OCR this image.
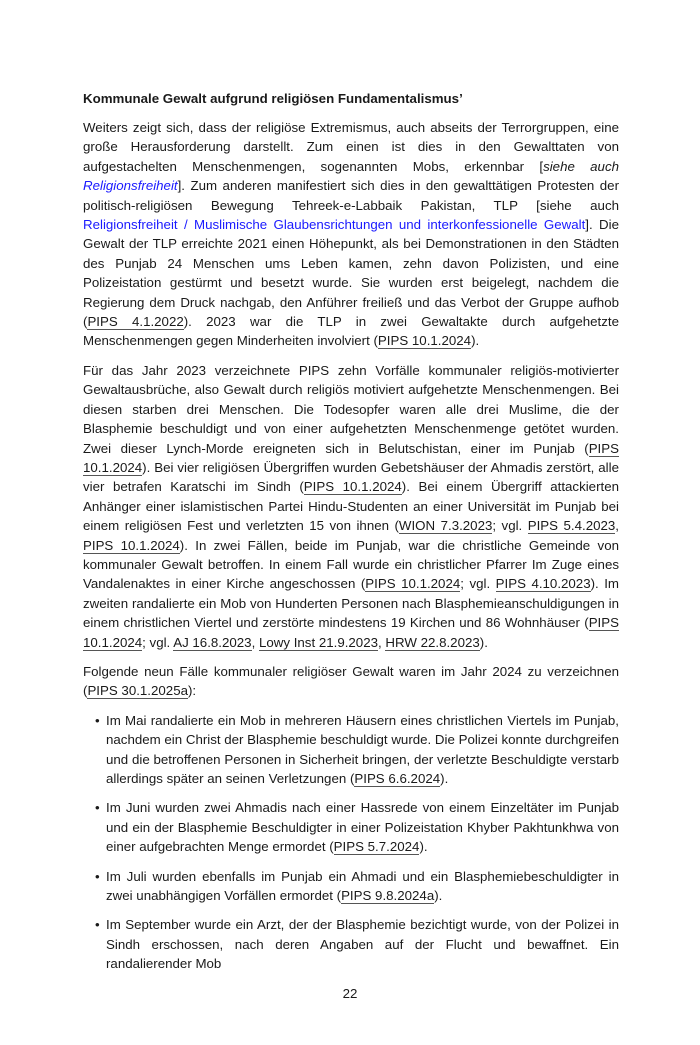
Kommunale Gewalt aufgrund religiösen Fundamentalismus’

Weiters zeigt sich, dass der religiöse Extremismus, auch abseits der Terrorgruppen, eine große Herausforderung darstellt. Zum einen ist dies in den Gewalttaten von aufgestachelten Menschenmengen, sogenannten Mobs, erkennbar [siehe auch Religionsfreiheit]. Zum anderen manifestiert sich dies in den gewalttätigen Protesten der politisch-religiösen Bewegung Tehreek-e-Labbaik Pakistan, TLP [siehe auch Religionsfreiheit / Muslimische Glaubensrichtungen und interkonfessionelle Gewalt]. Die Gewalt der TLP erreichte 2021 einen Höhepunkt, als bei Demonstrationen in den Städten des Punjab 24 Menschen ums Leben kamen, zehn davon Polizisten, und eine Polizeistation gestürmt und besetzt wurde. Sie wurden erst beigelegt, nachdem die Regierung dem Druck nachgab, den Anführer freiließ und das Verbot der Gruppe aufhob (PIPS 4.1.2022). 2023 war die TLP in zwei Gewaltakte durch aufgehetzte Menschenmengen gegen Minderheiten involviert (PIPS 10.1.2024).

Für das Jahr 2023 verzeichnete PIPS zehn Vorfälle kommunaler religiös-motivierter Gewaltausbrüche, also Gewalt durch religiös motiviert aufgehetzte Menschenmengen. Bei diesen starben drei Menschen. Die Todesopfer waren alle drei Muslime, die der Blasphemie beschuldigt und von einer aufgehetzten Menschenmenge getötet wurden. Zwei dieser Lynch-Morde ereigneten sich in Belutschistan, einer im Punjab (PIPS 10.1.2024). Bei vier religiösen Übergriffen wurden Gebetshäuser der Ahmadis zerstört, alle vier betrafen Karatschi im Sindh (PIPS 10.1.2024). Bei einem Übergriff attackierten Anhänger einer islamistischen Partei Hindu-Studenten an einer Universität im Punjab bei einem religiösen Fest und verletzten 15 von ihnen (WION 7.3.2023; vgl. PIPS 5.4.2023, PIPS 10.1.2024). In zwei Fällen, beide im Punjab, war die christliche Gemeinde von kommunaler Gewalt betroffen. In einem Fall wurde ein christlicher Pfarrer Im Zuge eines Vandalenaktes in einer Kirche angeschossen (PIPS 10.1.2024; vgl. PIPS 4.10.2023). Im zweiten randalierte ein Mob von Hunderten Personen nach Blasphemieanschuldigungen in einem christlichen Viertel und zerstörte mindestens 19 Kirchen und 86 Wohnhäuser (PIPS 10.1.2024; vgl. AJ 16.8.2023, Lowy Inst 21.9.2023, HRW 22.8.2023).

Folgende neun Fälle kommunaler religiöser Gewalt waren im Jahr 2024 zu verzeichnen (PIPS 30.1.2025a):

• Im Mai randalierte ein Mob in mehreren Häusern eines christlichen Viertels im Punjab, nachdem ein Christ der Blasphemie beschuldigt wurde. Die Polizei konnte durchgreifen und die betroffenen Personen in Sicherheit bringen, der verletzte Beschuldigte verstarb allerdings später an seinen Verletzungen (PIPS 6.6.2024).
• Im Juni wurden zwei Ahmadis nach einer Hassrede von einem Einzeltäter im Punjab und ein der Blasphemie Beschuldigter in einer Polizeistation Khyber Pakhtunkhwa von einer aufgebrachten Menge ermordet (PIPS 5.7.2024).
• Im Juli wurden ebenfalls im Punjab ein Ahmadi und ein Blasphemiebeschuldigter in zwei unabhängigen Vorfällen ermordet (PIPS 9.8.2024a).
• Im September wurde ein Arzt, der der Blasphemie bezichtigt wurde, von der Polizei in Sindh erschossen, nach deren Angaben auf der Flucht und bewaffnet. Ein randalierender Mob
22
